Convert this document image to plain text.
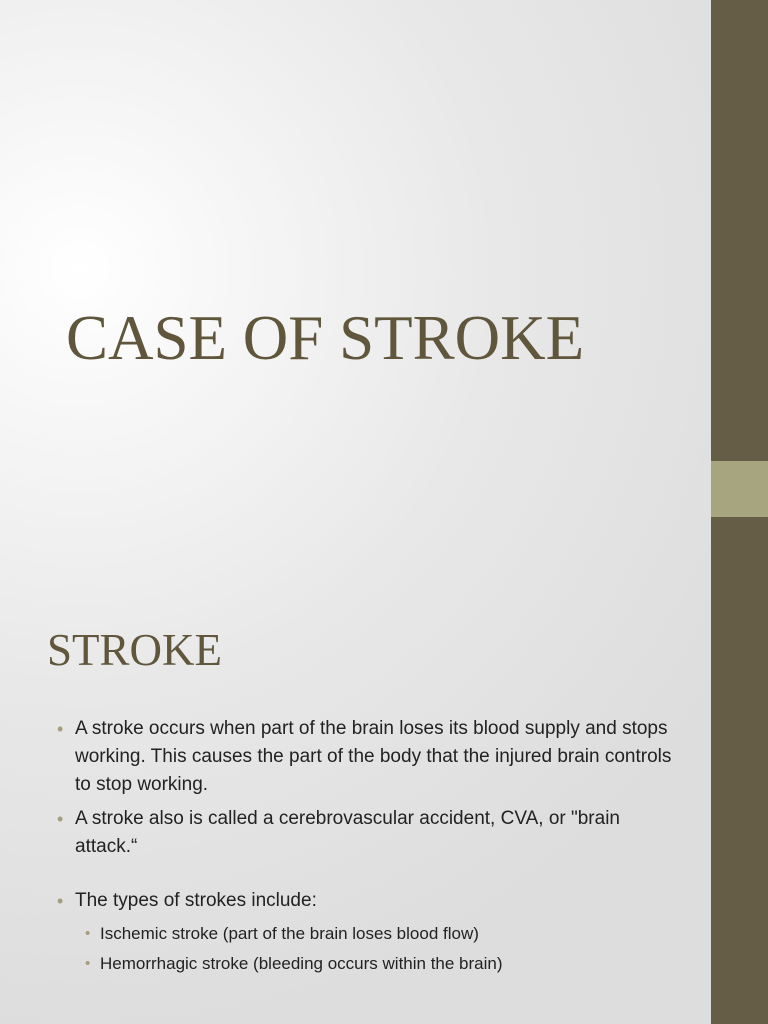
CASE OF STROKE
STROKE
• A stroke occurs when part of the brain loses its blood supply and stops working. This causes the part of the body that the injured brain controls to stop working.
• A stroke also is called a cerebrovascular accident, CVA, or "brain attack.“
• The types of strokes include:
• Ischemic stroke (part of the brain loses blood flow)
• Hemorrhagic stroke (bleeding occurs within the brain)
